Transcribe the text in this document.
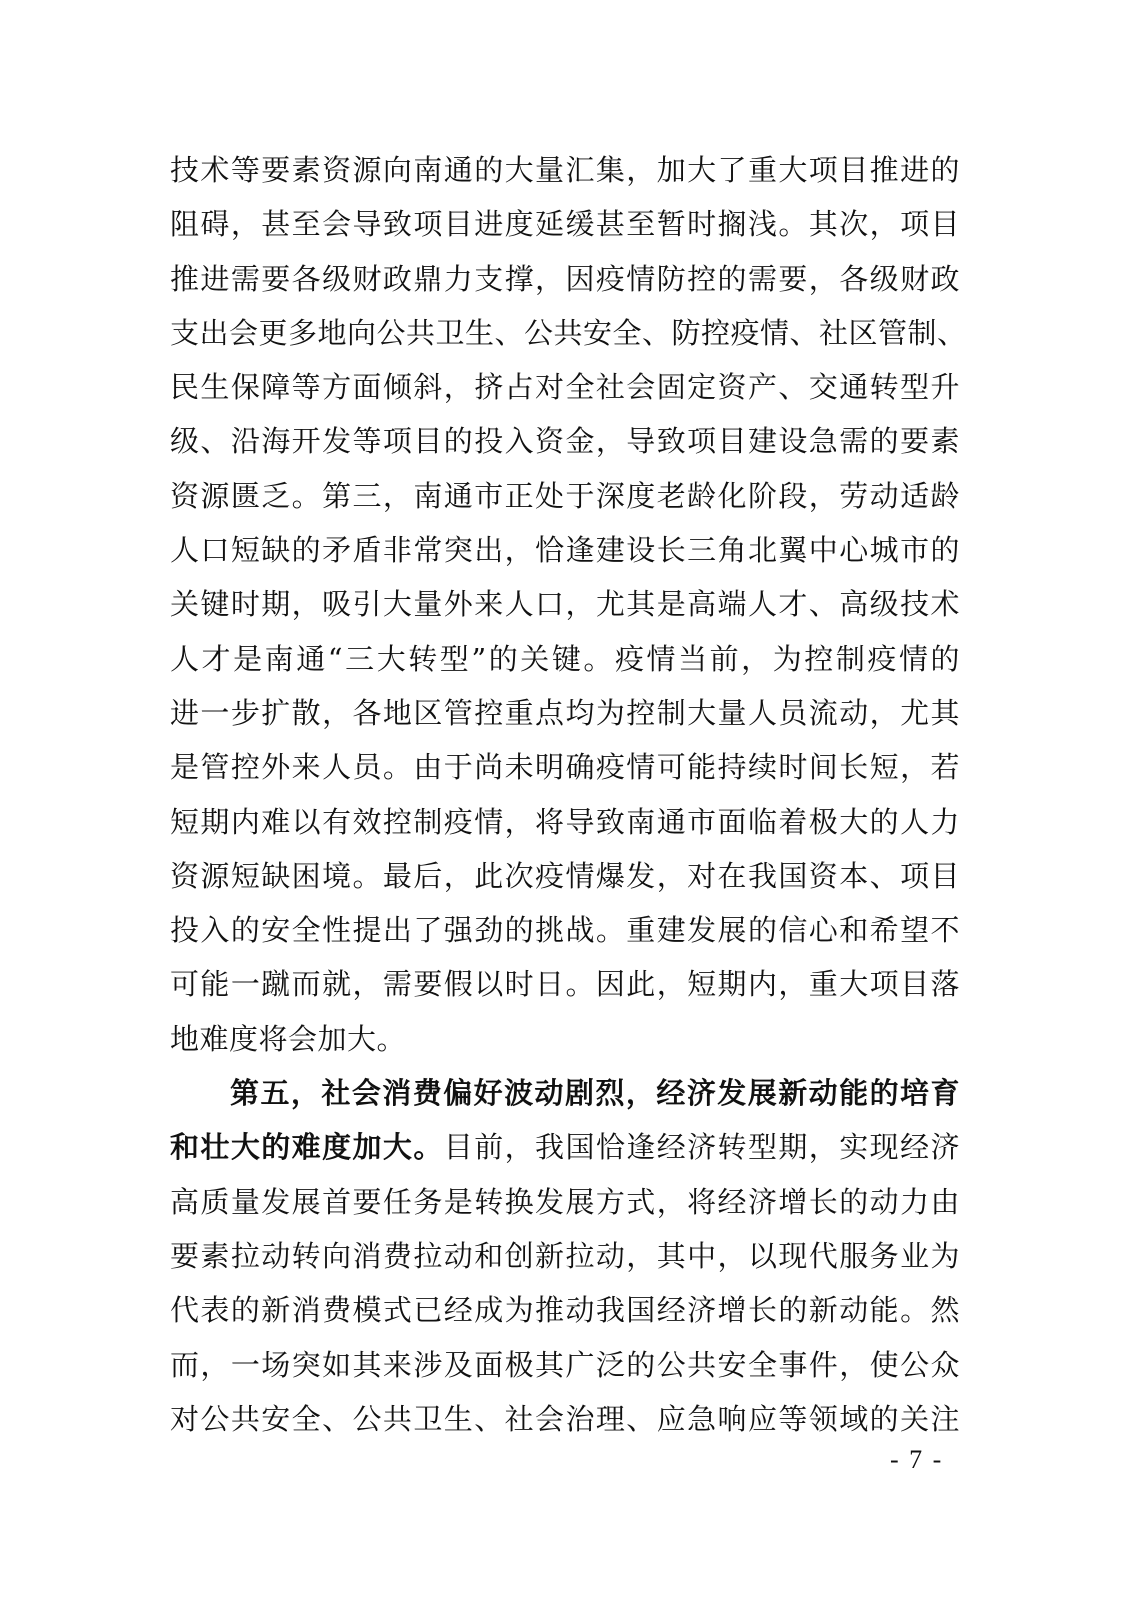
技术等要素资源向南通的大量汇集，加大了重大项目推进的
阻碍，甚至会导致项目进度延缓甚至暂时搁浅。其次，项目
推进需要各级财政鼎力支撑，因疫情防控的需要，各级财政
支出会更多地向公共卫生、公共安全、防控疫情、社区管制、
民生保障等方面倾斜，挤占对全社会固定资产、交通转型升
级、沿海开发等项目的投入资金，导致项目建设急需的要素
资源匮乏。第三，南通市正处于深度老龄化阶段，劳动适龄
人口短缺的矛盾非常突出，恰逢建设长三角北翼中心城市的
关键时期，吸引大量外来人口，尤其是高端人才、高级技术
人才是南通“三大转型”的关键。疫情当前，为控制疫情的
进一步扩散，各地区管控重点均为控制大量人员流动，尤其
是管控外来人员。由于尚未明确疫情可能持续时间长短，若
短期内难以有效控制疫情，将导致南通市面临着极大的人力
资源短缺困境。最后，此次疫情爆发，对在我国资本、项目
投入的安全性提出了强劲的挑战。重建发展的信心和希望不
可能一蹴而就，需要假以时日。因此，短期内，重大项目落
地难度将会加大。
第五，社会消费偏好波动剧烈，经济发展新动能的培育
和壮大的难度加大。目前，我国恰逢经济转型期，实现经济
高质量发展首要任务是转换发展方式，将经济增长的动力由
要素拉动转向消费拉动和创新拉动，其中，以现代服务业为
代表的新消费模式已经成为推动我国经济增长的新动能。然
而，一场突如其来涉及面极其广泛的公共安全事件，使公众
对公共安全、公共卫生、社会治理、应急响应等领域的关注
- 7 -
